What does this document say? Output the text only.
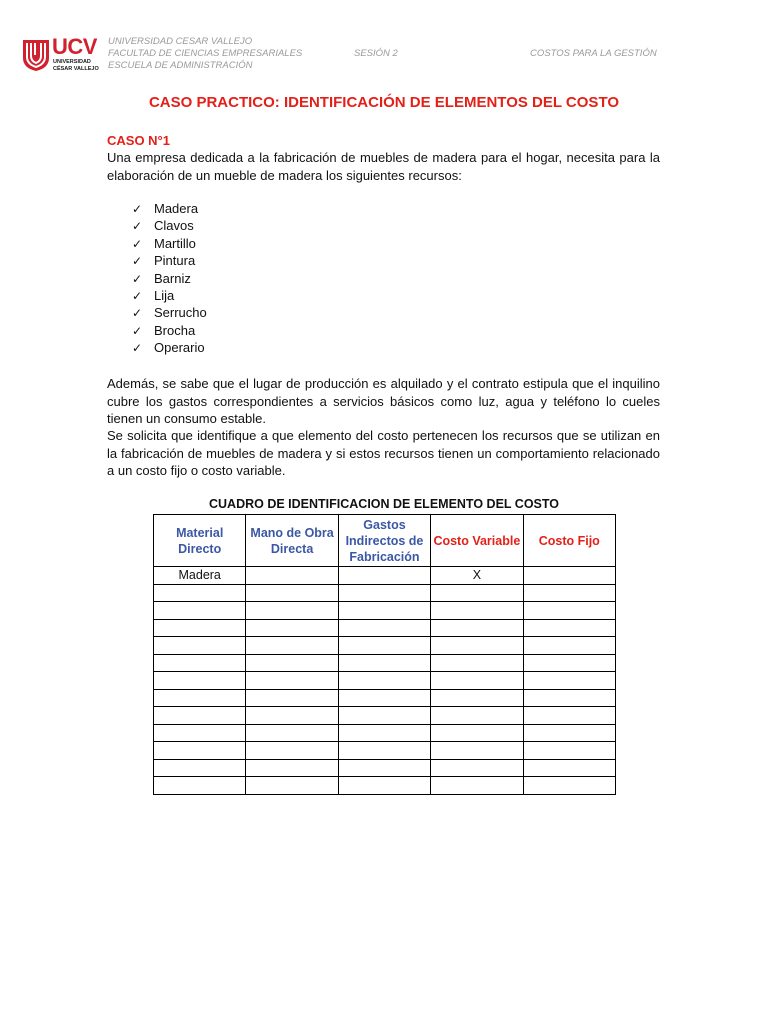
UCV
UNIVERSIDAD
CÉSAR VALLEJO
UNIVERSIDAD CESAR VALLEJO
FACULTAD DE CIENCIAS EMPRESARIALES
ESCUELA DE ADMINISTRACIÓN
SESIÓN 2	COSTOS PARA LA GESTIÓN
CASO PRACTICO: IDENTIFICACIÓN DE ELEMENTOS DEL COSTO
CASO N°1
Una empresa dedicada a la fabricación de muebles de madera para el hogar, necesita para la elaboración de un mueble de madera los siguientes recursos:
✓ Madera
✓ Clavos
✓ Martillo
✓ Pintura
✓ Barniz
✓ Lija
✓ Serrucho
✓ Brocha
✓ Operario
Además, se sabe que el lugar de producción es alquilado y el contrato estipula que el inquilino cubre los gastos correspondientes a servicios básicos como luz, agua y teléfono lo cueles tienen un consumo estable.
Se solicita que identifique a que elemento del costo pertenecen los recursos que se utilizan en la fabricación de muebles de madera y si estos recursos tienen un comportamiento relacionado a un costo fijo o costo variable.
CUADRO DE IDENTIFICACION DE ELEMENTO DEL COSTO
Material Directo	Mano de Obra Directa	Gastos Indirectos de Fabricación	Costo Variable	Costo Fijo
Madera			X	
